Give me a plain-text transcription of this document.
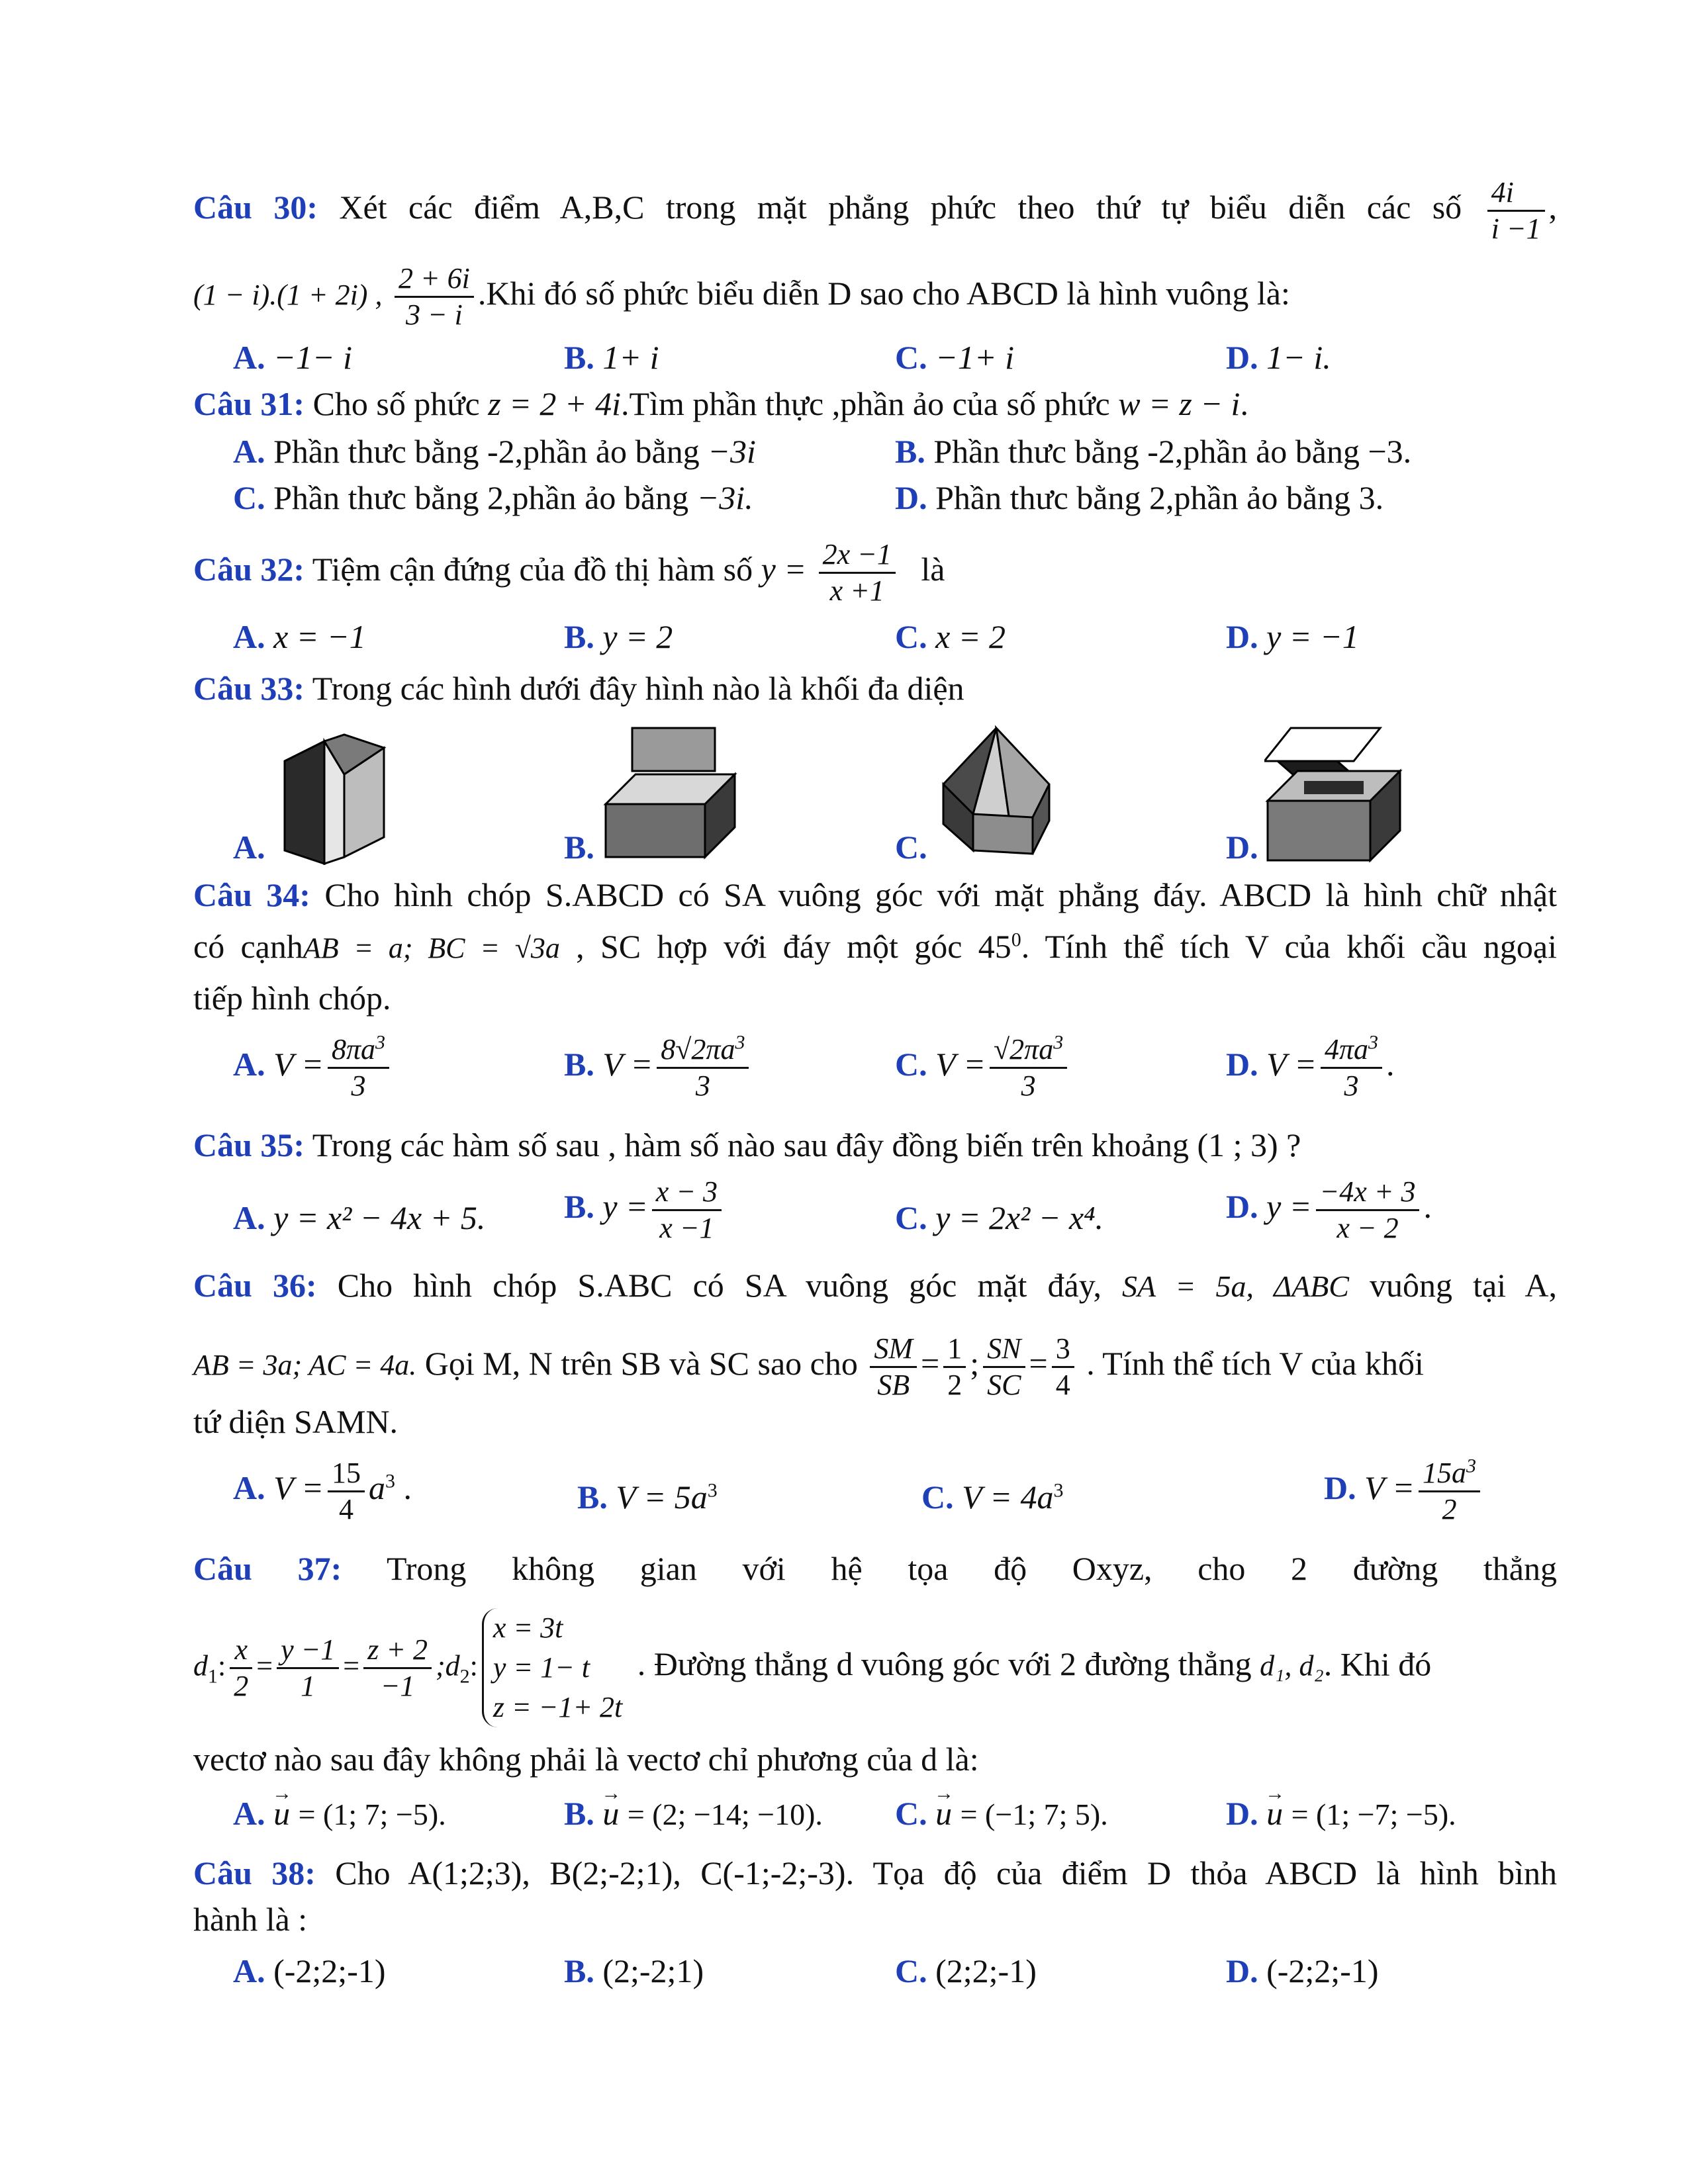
Câu 30: Xét các điểm A,B,C trong mặt phẳng phức theo thứ tự biểu diễn các số $\frac{4i}{i -1}$ ,
(1 − i).(1 + 2i) , $\frac{2 + 6i}{3 - i} .Khi$ đó số phức biểu diễn D sao cho ABCD là hình vuông là:
A. −1− i	B. 1+ i	C. −1+ i	D. 1− i.
Câu 31: Cho số phức z = 2 + 4i.Tìm phần thực ,phần ảo của số phức w = z − i.
A. Phần thưc bằng -2,phần ảo bằng −3i	B. Phần thưc bằng -2,phần ảo bằng −3.
C. Phần thưc bằng 2,phần ảo bằng −3i.	D. Phần thưc bằng 2,phần ảo bằng 3.
Câu 32: Tiệm cận đứng của đồ thị hàm số $y = \frac{2x -1}{x +1}$ là
A. x = −1	B. y = 2	C. x = 2	D. y = −1
Câu 33: Trong các hình dưới đây hình nào là khối đa diện
A.	B.	C.	D.
Câu 34: Cho hình chóp S.ABCD có SA vuông góc với mặt phẳng đáy. ABCD là hình chữ nhật
có cạnhAB = a; BC = √3a , SC hợp với đáy một góc $45^0$. Tính thể tích V của khối cầu ngoại
tiếp hình chóp.
A. $V = \frac{8\pi a^3}{3}$	B. $V = \frac{8√2\pi a^3}{3}$	C. $V = \frac{√2\pi a^3}{3}$	D. $V = \frac{4\pi a^3}{3}$ .
Câu 35: Trong các hàm số sau , hàm số nào sau đây đồng biến trên khoảng (1 ; 3) ?
A. y = x² − 4x + 5. B. $y = \frac{x - 3}{x -1}$	C. y = 2x² − x⁴.	D. $y = \frac{-4x + 3}{x - 2}$ .
Câu 36: Cho hình chóp S.ABC có SA vuông góc mặt đáy, SA = 5a, ΔABC vuông tại A,
AB = 3a; AC = 4a. Gọi M, N trên SB và SC sao cho $\frac{SM}{SB} = \frac{1}{2}$ ; $\frac{SN}{SC} = \frac{3}{4}$ . Tính thể tích V của khối
tứ diện SAMN.
A. $V = \frac{15}{4} a^3$ .	B. $V = 5a^3$	C. $V = 4a^3$	D. $V = \frac{15a^3}{2}$
Câu 37: Trong không gian với hệ tọa độ Oxyz, cho 2 đường thẳng
$d_1$: $\frac{x}{2} = \frac{y -1}{1} = \frac{z + 2}{-1}$ $;d_2$:
x = 3t
y = 1− t
z = −1+ 2t
. Đường thẳng d vuông góc với 2 đường thẳng d₁, d₂. Khi đó
vectơ nào sau đây không phải là vectơ chỉ phương của d là:
A. → u = (1; 7; −5).	B. → u = (2; −14; −10). C. → u = (−1; 7; 5).	D. → u = (1; −7; −5).
Câu 38: Cho A(1;2;3), B(2;-2;1), C(-1;-2;-3). Tọa độ của điểm D thỏa ABCD là hình bình
hành là :
A. (-2;2;-1)	B. (2;-2;1)	C. (2;2;-1)	D. (-2;2;-1)
